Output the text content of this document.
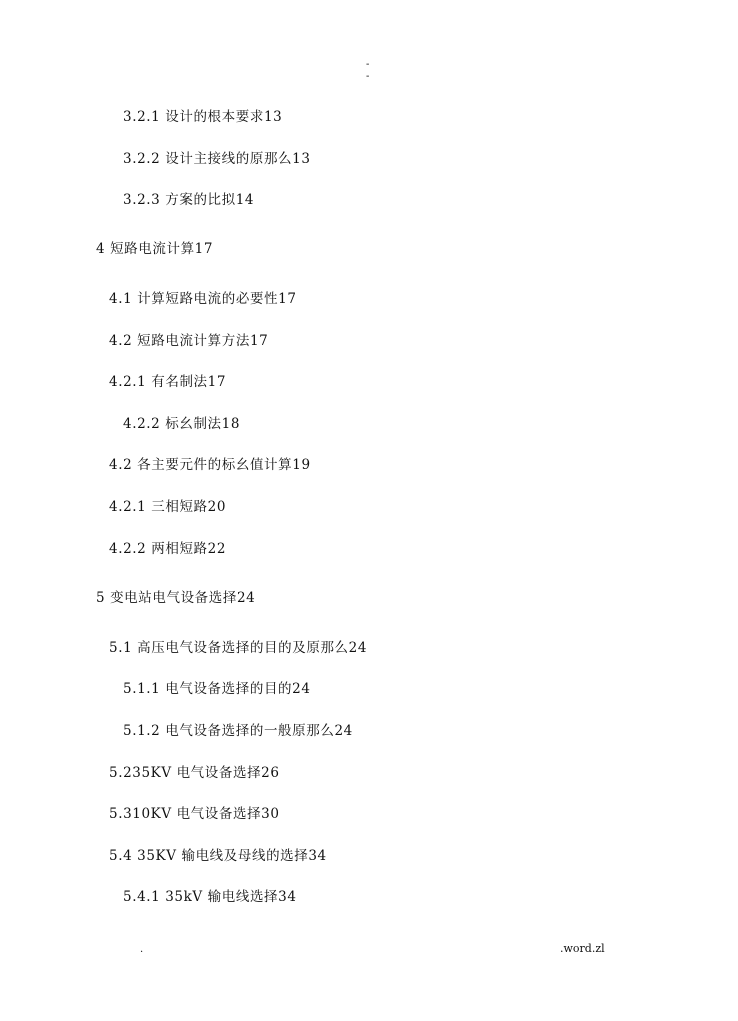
-
-
3.2.1 设计的根本要求13
3.2.2 设计主接线的原那么13
3.2.3 方案的比拟14
4 短路电流计算17
4.1 计算短路电流的必要性17
4.2 短路电流计算方法17
4.2.1 有名制法17
4.2.2 标幺制法18
4.2 各主要元件的标幺值计算19
4.2.1 三相短路20
4.2.2 两相短路22
5 变电站电气设备选择24
5.1 高压电气设备选择的目的及原那么24
5.1.1 电气设备选择的目的24
5.1.2 电气设备选择的一般原那么24
5.235KV 电气设备选择26
5.310KV 电气设备选择30
5.4 35KV 输电线及母线的选择34
5.4.1 35kV 输电线选择34
.	.word.zl
